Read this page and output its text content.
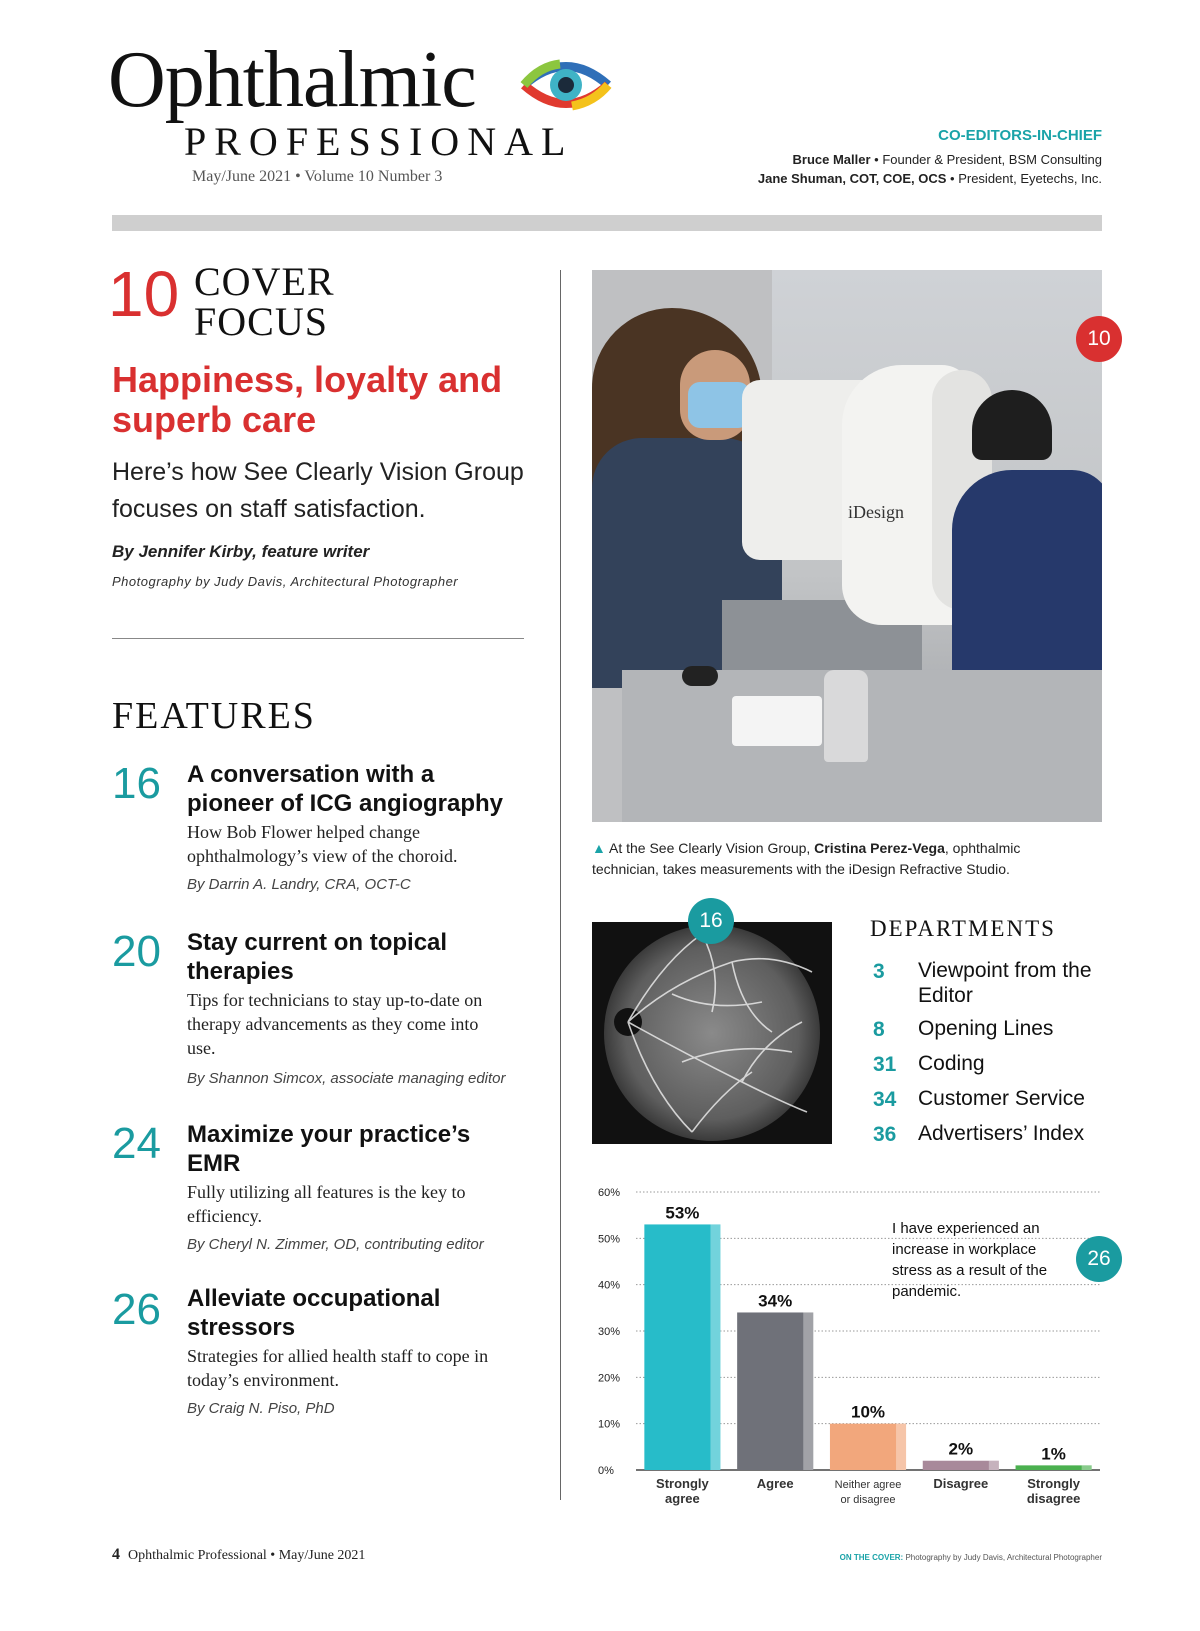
Ophthalmic
PROFESSIONAL
May/June 2021 • Volume 10 Number 3
CO-EDITORS-IN-CHIEF
Bruce Maller • Founder & President, BSM Consulting
Jane Shuman, COT, COE, OCS • President, Eyetechs, Inc.
10 COVER
FOCUS
Happiness, loyalty and superb care
Here’s how See Clearly Vision Group focuses on staff satisfaction.
By Jennifer Kirby, feature writer
Photography by Judy Davis, Architectural Photographer
FEATURES
16 A conversation with a pioneer of ICG angiography
How Bob Flower helped change ophthalmology’s view of the choroid.
By Darrin A. Landry, CRA, OCT-C
20 Stay current on topical therapies
Tips for technicians to stay up-to-date on therapy advancements as they come into use.
By Shannon Simcox, associate managing editor
24 Maximize your practice’s EMR
Fully utilizing all features is the key to efficiency.
By Cheryl N. Zimmer, OD, contributing editor
26 Alleviate occupational stressors
Strategies for allied health staff to cope in today’s environment.
By Craig N. Piso, PhD
iDesign
10
▲ At the See Clearly Vision Group, Cristina Perez-Vega, ophthalmic technician, takes measurements with the iDesign Refractive Studio.
16	DEPARTMENTS
3 Viewpoint from the Editor
8 Opening Lines
31 Coding
34 Customer Service
36 Advertisers’ Index
0%
10%
20%
30%
40%
50%
60%
53%
Strongly
agree
34%
Agree
10%
Neither agree
or disagree
2%
Disagree
1%
Strongly
disagree
I have experienced an increase in workplace stress as a result of the pandemic.
26
4 Ophthalmic Professional • May/June 2021	ON THE COVER: Photography by Judy Davis, Architectural Photographer
